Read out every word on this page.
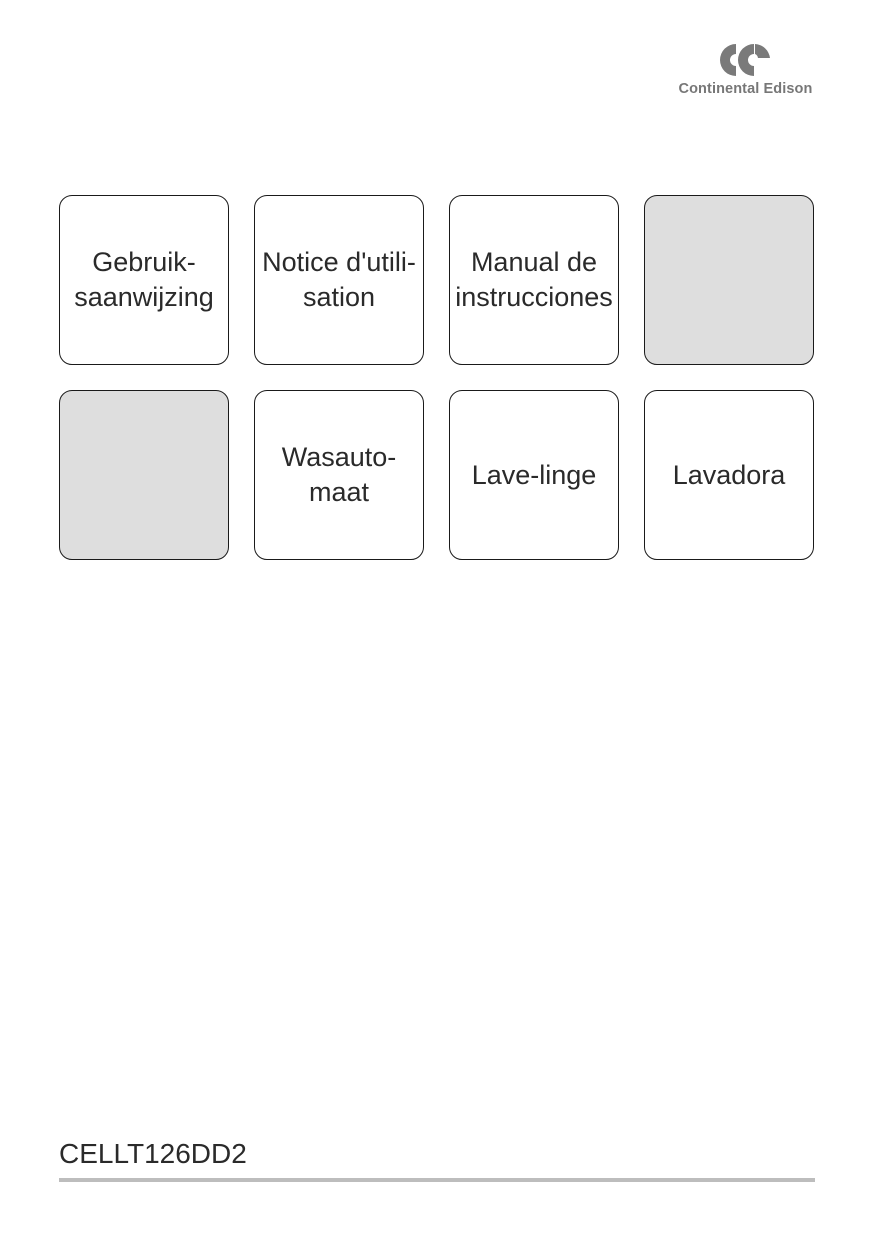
Continental Edison
Gebruik-
saanwijzing
Notice d'utili-
sation
Manual de
instrucciones
Wasauto-
maat
Lave-linge	Lavadora
CELLT126DD2
